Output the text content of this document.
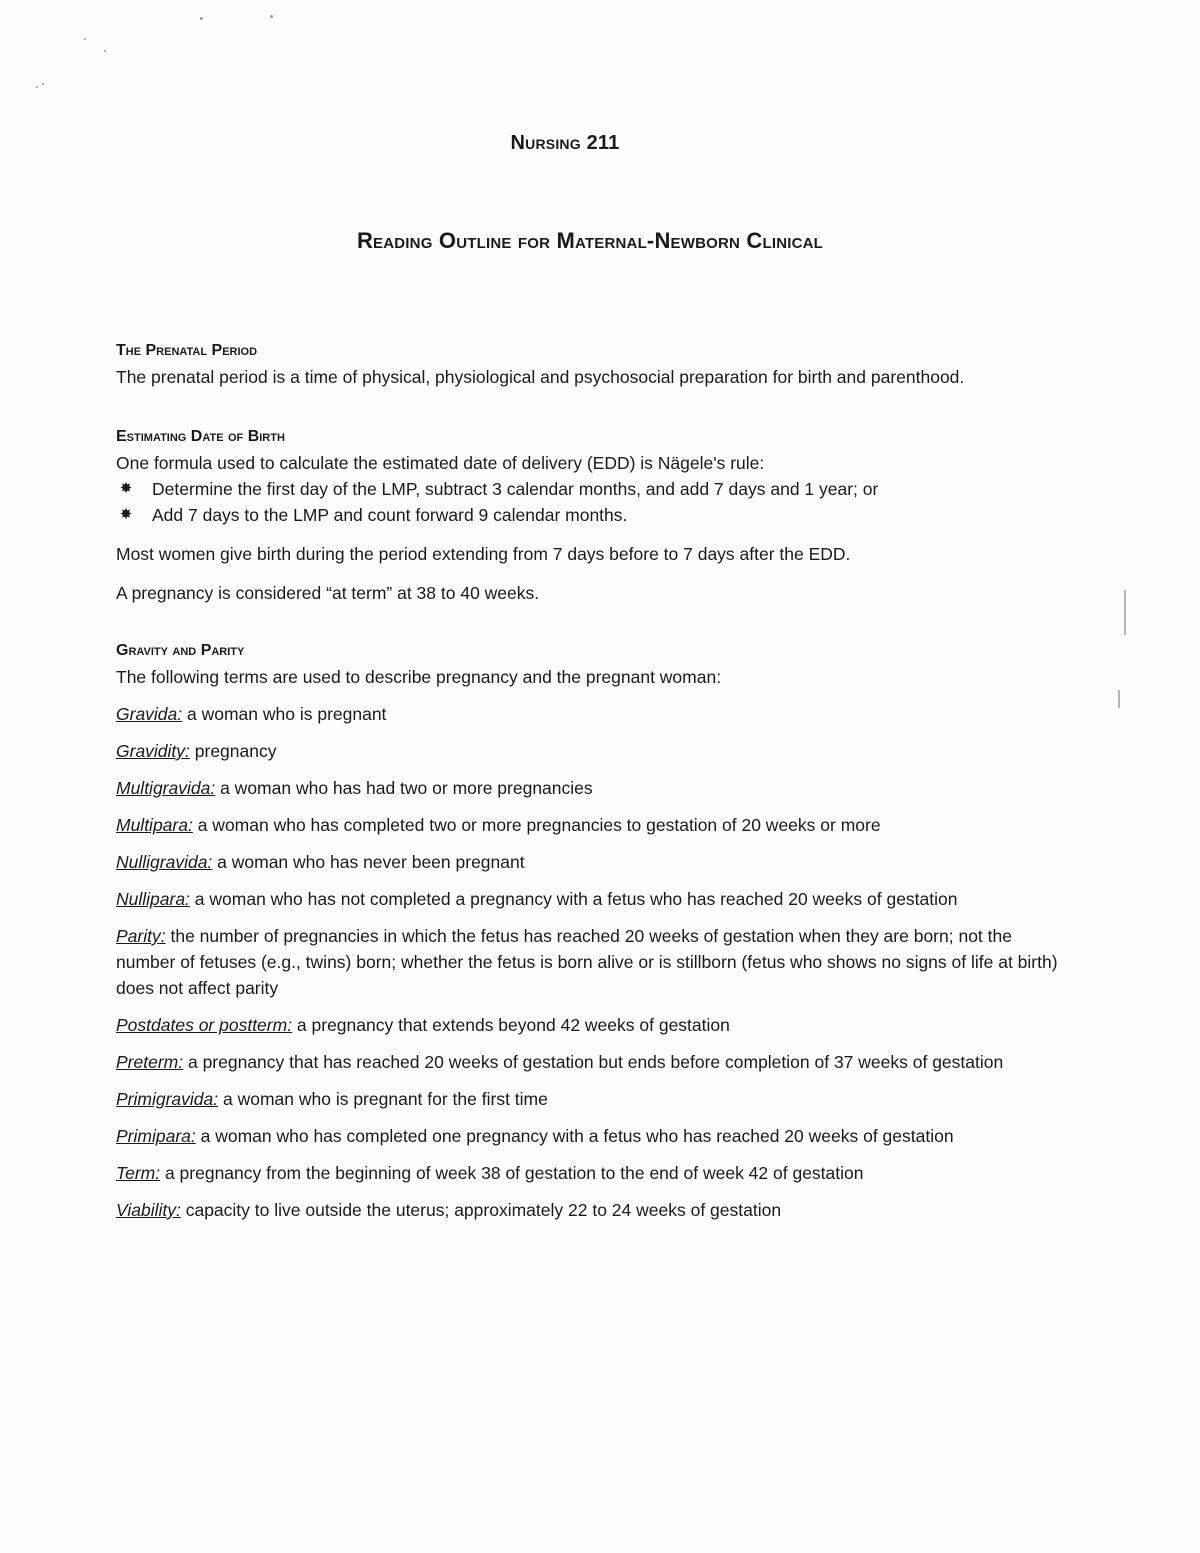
Nursing 211
Reading Outline for Maternal-Newborn Clinical

The Prenatal Period

The prenatal period is a time of physical, physiological and psychosocial preparation for birth and parenthood.

Estimating Date of Birth

One formula used to calculate the estimated date of delivery (EDD) is Nägele's rule:

✸ Determine the first day of the LMP, subtract 3 calendar months, and add 7 days and 1 year; or
✸ Add 7 days to the LMP and count forward 9 calendar months.

Most women give birth during the period extending from 7 days before to 7 days after the EDD.

A pregnancy is considered “at term” at 38 to 40 weeks.

Gravity and Parity

The following terms are used to describe pregnancy and the pregnant woman:

Gravida: a woman who is pregnant

Gravidity: pregnancy

Multigravida: a woman who has had two or more pregnancies

Multipara: a woman who has completed two or more pregnancies to gestation of 20 weeks or more

Nulligravida: a woman who has never been pregnant

Nullipara: a woman who has not completed a pregnancy with a fetus who has reached 20 weeks of gestation

Parity: the number of pregnancies in which the fetus has reached 20 weeks of gestation when they are born; not the number of fetuses (e.g., twins) born; whether the fetus is born alive or is stillborn (fetus who shows no signs of life at birth) does not affect parity

Postdates or postterm: a pregnancy that extends beyond 42 weeks of gestation

Preterm: a pregnancy that has reached 20 weeks of gestation but ends before completion of 37 weeks of gestation

Primigravida: a woman who is pregnant for the first time

Primipara: a woman who has completed one pregnancy with a fetus who has reached 20 weeks of gestation

Term: a pregnancy from the beginning of week 38 of gestation to the end of week 42 of gestation

Viability: capacity to live outside the uterus; approximately 22 to 24 weeks of gestation
